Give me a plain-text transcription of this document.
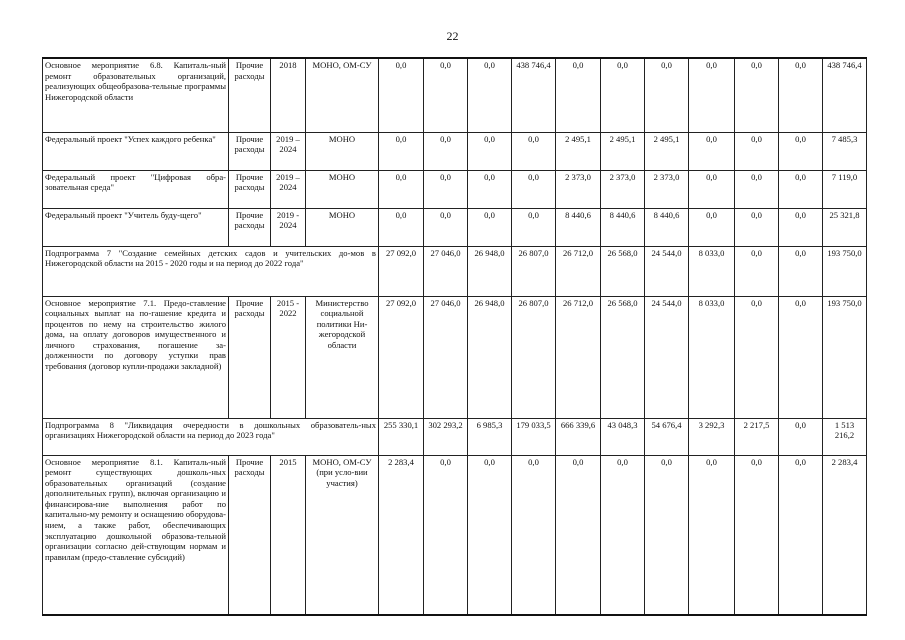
22
Основное мероприятие 6.8. Капиталь-ный ремонт образовательных организаций, реализующих общеобразова-тельные программы Нижегородской области	Прочие расходы	2018	МОНО, ОМ-СУ	0,0	0,0	0,0	438 746,4	0,0	0,0	0,0	0,0	0,0	0,0	438 746,4
Федеральный проект "Успех каждого ребенка"	Прочие расходы	2019 – 2024	МОНО	0,0	0,0	0,0	0,0	2 495,1	2 495,1	2 495,1	0,0	0,0	0,0	7 485,3
Федеральный проект "Цифровая обра-зовательная среда"	Прочие расходы	2019 – 2024	МОНО	0,0	0,0	0,0	0,0	2 373,0	2 373,0	2 373,0	0,0	0,0	0,0	7 119,0
Федеральный проект "Учитель буду-щего"	Прочие расходы	2019 - 2024	МОНО	0,0	0,0	0,0	0,0	8 440,6	8 440,6	8 440,6	0,0	0,0	0,0	25 321,8
Подпрограмма 7 "Создание семейных детских садов и учительских до-мов в Нижегородской области на 2015 - 2020 годы и на период до 2022 года"				27 092,0	27 046,0	26 948,0	26 807,0	26 712,0	26 568,0	24 544,0	8 033,0	0,0	0,0	193 750,0
Основное мероприятие 7.1. Предо-ставление социальных выплат на по-гашение кредита и процентов по нему на строительство жилого дома, на оплату договоров имущественного и личного страхования, погашение за-долженности по договору уступки прав требования (договор купли-продажи закладной)	Прочие расходы	2015 - 2022	Министерство социальной политики Ни-жегородской области	27 092,0	27 046,0	26 948,0	26 807,0	26 712,0	26 568,0	24 544,0	8 033,0	0,0	0,0	193 750,0
Подпрограмма 8 "Ликвидация очередности в дошкольных образователь-ных организациях Нижегородской области на период до 2023 года"				255 330,1	302 293,2	6 985,3	179 033,5	666 339,6	43 048,3	54 676,4	3 292,3	2 217,5	0,0	1 513 216,2
Основное мероприятие 8.1. Капиталь-ный ремонт существующих дошколь-ных образовательных организаций (создание дополнительных групп), включая организацию и финансирова-ние выполнения работ по капитально-му ремонту и оснащению оборудова-нием, а также работ, обеспечивающих эксплуатацию дошкольной образова-тельной организации согласно дей-ствующим нормам и правилам (предо-ставление субсидий)	Прочие расходы	2015	МОНО, ОМ-СУ (при усло-вии участия)	2 283,4	0,0	0,0	0,0	0,0	0,0	0,0	0,0	0,0	0,0	2 283,4
